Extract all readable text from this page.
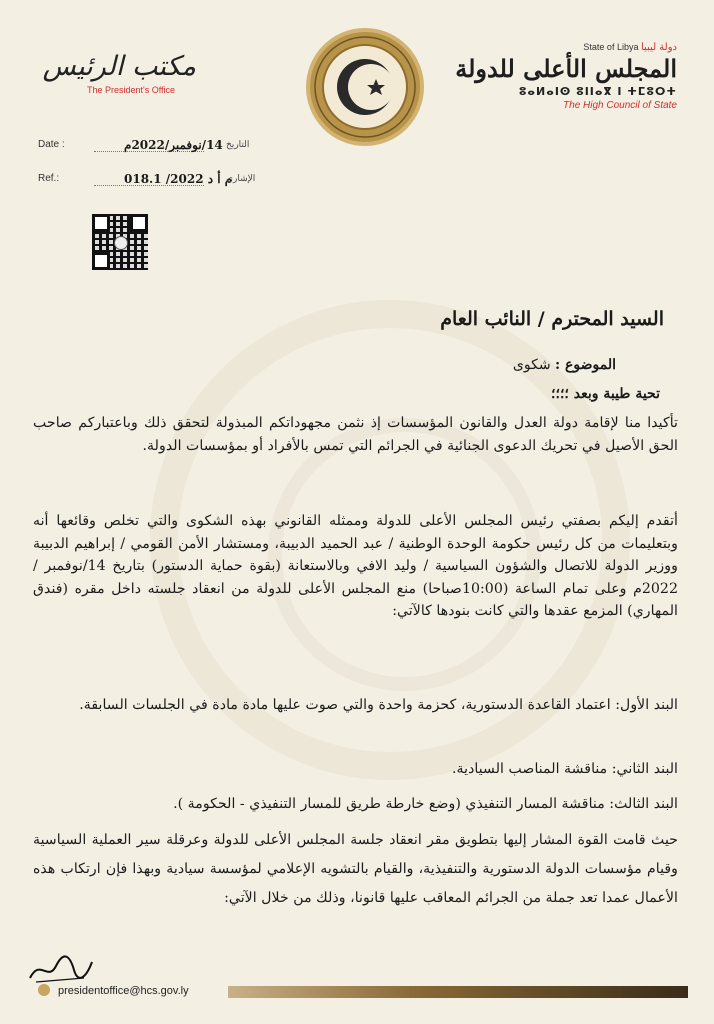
مكتب الرئيس
The President's Office
State of Libya دولة ليبيا
المجلس الأعلى للدولة
ⵓⴰⵍⴰⵏⵙ ⵓⵏⵏⴰⴳ ⵏ ⵜⵎⵓⵔⵜ
The High Council of State
Date :	14/نوفمبر/2022م التاريخ
Ref.:	م أ د 2022/ 018.1
الإشاري
السيد المحترم / النائب العام
الموضوع : شكوى
تحية طيبة وبعد ؛؛؛؛
تأكيدا منا لإقامة دولة العدل والقانون المؤسسات إذ نثمن مجهوداتكم المبذولة لتحقق ذلك وباعتباركم صاحب الحق الأصيل في تحريك الدعوى الجنائية في الجرائم التي تمس بالأفراد أو بمؤسسات الدولة.
أتقدم إليكم بصفتي رئيس المجلس الأعلى للدولة وممثله القانوني بهذه الشكوى والتي تخلص وقائعها أنه وبتعليمات من كل رئيس حكومة الوحدة الوطنية / عبد الحميد الدبيبة، ومستشار الأمن القومي / إبراهيم الدبيبة ووزير الدولة للاتصال والشؤون السياسية / وليد الافي وبالاستعانة (بقوة حماية الدستور) بتاريخ 14/نوفمبر / 2022م وعلى تمام الساعة (10:00صباحا) منع المجلس الأعلى للدولة من انعقاد جلسته داخل مقره (فندق المهاري) المزمع عقدها والتي كانت بنودها كالآتي:
البند الأول: اعتماد القاعدة الدستورية، كحزمة واحدة والتي صوت عليها مادة مادة في الجلسات السابقة.
البند الثاني: مناقشة المناصب السيادية.
البند الثالث: مناقشة المسار التنفيذي (وضع خارطة طريق للمسار التنفيذي - الحكومة ).
حيث قامت القوة المشار إليها بتطويق مقر انعقاد جلسة المجلس الأعلى للدولة وعرقلة سير العملية السياسية وقيام مؤسسات الدولة الدستورية والتنفيذية، والقيام بالتشويه الإعلامي لمؤسسة سيادية وبهذا فإن ارتكاب هذه الأعمال عمدا تعد جملة من الجرائم المعاقب عليها قانونا، وذلك من خلال الآتي:
presidentoffice@hcs.gov.ly
